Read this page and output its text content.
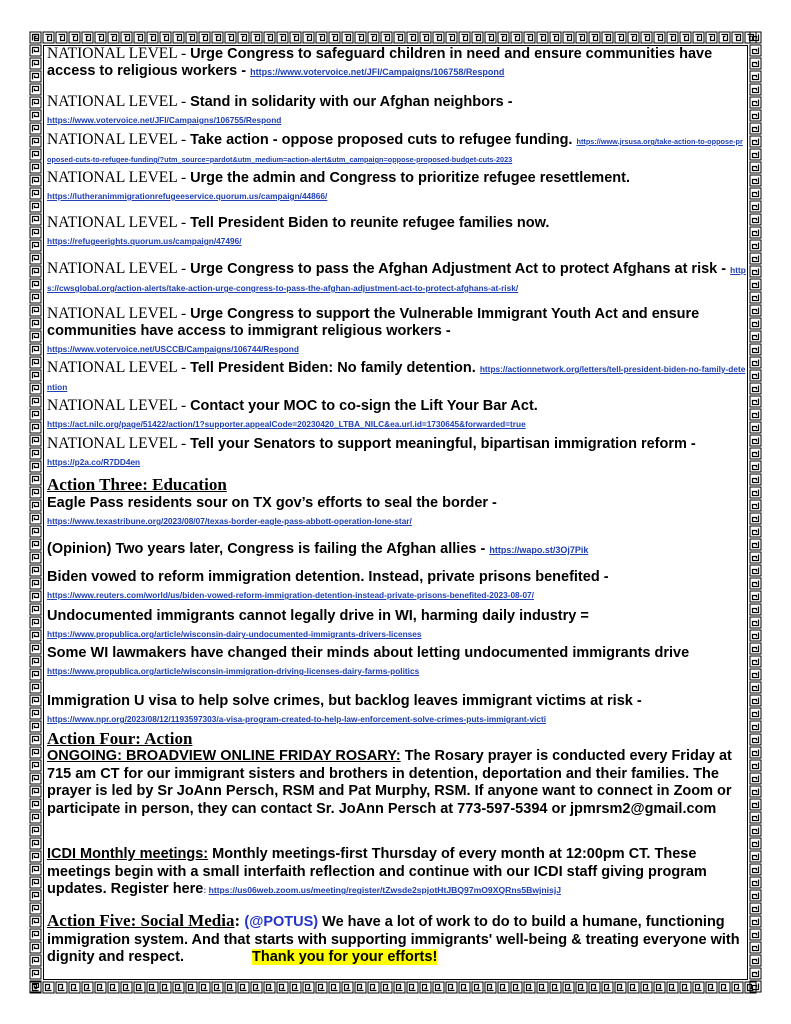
NATIONAL LEVEL - Urge Congress to safeguard children in need and ensure communities have access to religious workers - https://www.votervoice.net/JFI/Campaigns/106758/Respond
NATIONAL LEVEL - Stand in solidarity with our Afghan neighbors -
https://www.votervoice.net/JFI/Campaigns/106755/Respond
NATIONAL LEVEL - Take action - oppose proposed cuts to refugee funding. https://www.jrsusa.org/take-action-to-oppose-proposed-cuts-to-refugee-funding/?utm_source=pardot&utm_medium=action-alert&utm_campaign=oppose-proposed-budget-cuts-2023
NATIONAL LEVEL - Urge the admin and Congress to prioritize refugee resettlement.
https://lutheranimmigrationrefugeeservice.quorum.us/campaign/44866/
NATIONAL LEVEL - Tell President Biden to reunite refugee families now.
https://refugeerights.quorum.us/campaign/47496/
NATIONAL LEVEL - Urge Congress to pass the Afghan Adjustment Act to protect Afghans at risk - https://cwsglobal.org/action-alerts/take-action-urge-congress-to-pass-the-afghan-adjustment-act-to-protect-afghans-at-risk/
NATIONAL LEVEL - Urge Congress to support the Vulnerable Immigrant Youth Act and ensure communities have access to immigrant religious workers -
https://www.votervoice.net/USCCB/Campaigns/106744/Respond
NATIONAL LEVEL - Tell President Biden: No family detention. https://actionnetwork.org/letters/tell-president-biden-no-family-detention
NATIONAL LEVEL - Contact your MOC to co-sign the Lift Your Bar Act.
https://act.nilc.org/page/51422/action/1?supporter.appealCode=20230420_LTBA_NILC&ea.url.id=1730645&forwarded=true
NATIONAL LEVEL - Tell your Senators to support meaningful, bipartisan immigration reform -
https://p2a.co/R7DD4en
Action Three: Education
Eagle Pass residents sour on TX gov’s efforts to seal the border -
https://www.texastribune.org/2023/08/07/texas-border-eagle-pass-abbott-operation-lone-star/
(Opinion) Two years later, Congress is failing the Afghan allies - https://wapo.st/3Oj7Pik
Biden vowed to reform immigration detention. Instead, private prisons benefited -
https://www.reuters.com/world/us/biden-vowed-reform-immigration-detention-instead-private-prisons-benefited-2023-08-07/
Undocumented immigrants cannot legally drive in WI, harming daily industry =
https://www.propublica.org/article/wisconsin-dairy-undocumented-immigrants-drivers-licenses
Some WI lawmakers have changed their minds about letting undocumented immigrants drive
https://www.propublica.org/article/wisconsin-immigration-driving-licenses-dairy-farms-politics
Immigration U visa to help solve crimes, but backlog leaves immigrant victims at risk -
https://www.npr.org/2023/08/12/1193597303/a-visa-program-created-to-help-law-enforcement-solve-crimes-puts-immigrant-victi
Action Four: Action
ONGOING: BROADVIEW ONLINE FRIDAY ROSARY: The Rosary prayer is conducted every Friday at 715 am CT for our immigrant sisters and brothers in detention, deportation and their families. The prayer is led by Sr JoAnn Persch, RSM and Pat Murphy, RSM. If anyone want to connect in Zoom or participate in person, they can contact Sr. JoAnn Persch at 773-597-5394 or jpmrsm2@gmail.com
ICDI Monthly meetings: Monthly meetings-first Thursday of every month at 12:00pm CT. These meetings begin with a small interfaith reflection and continue with our ICDI staff giving program updates. Register here: https://us06web.zoom.us/meeting/register/tZwsde2spjotHtJBQ97mO9XQRns5BwjnisjJ
Action Five: Social Media: (@POTUS) We have a lot of work to do to build a humane, functioning immigration system. And that starts with supporting immigrants' well-being & treating everyone with dignity and respect.	Thank you for your efforts!
